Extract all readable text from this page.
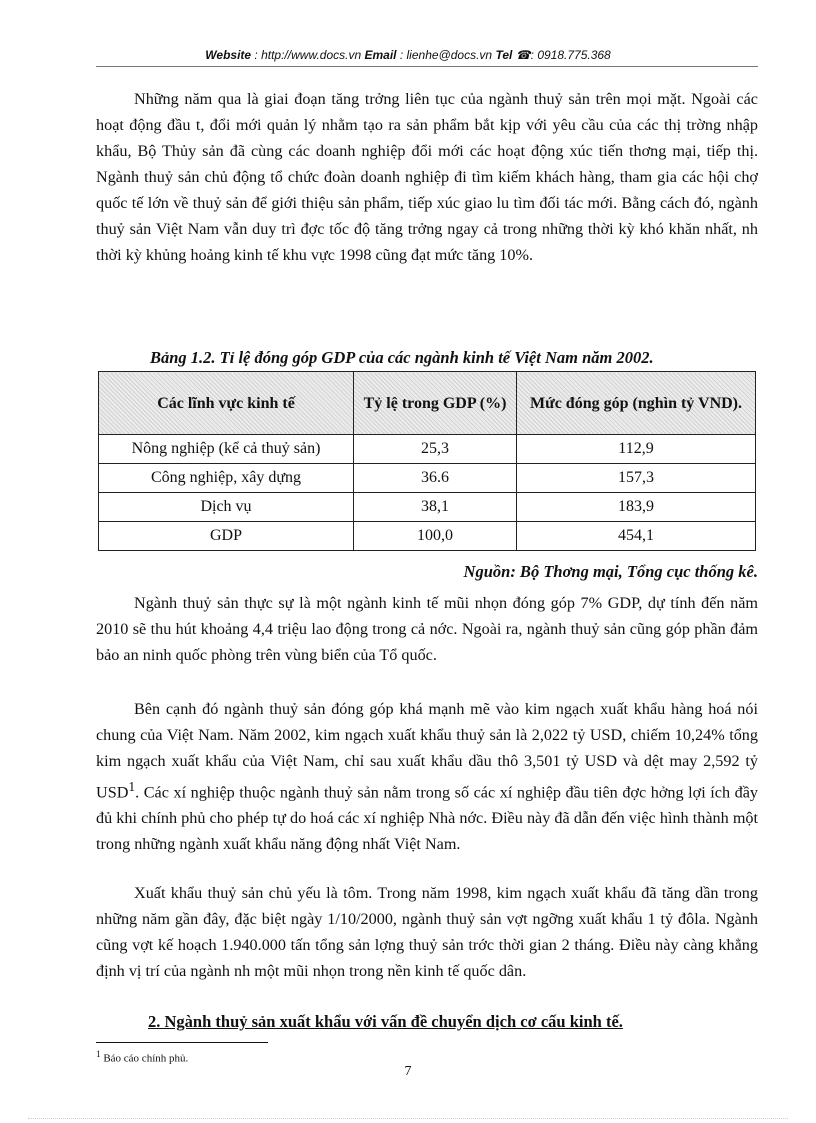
Website : http://www.docs.vn Email : lienhe@docs.vn Tel ☎: 0918.775.368

Những năm qua là giai đoạn tăng trởng liên tục của ngành thuỷ sản trên mọi mặt. Ngoài các hoạt động đầu t, đổi mới quản lý nhằm tạo ra sản phẩm bắt kịp với yêu cầu của các thị trờng nhập khẩu, Bộ Thủy sản đã cùng các doanh nghiệp đổi mới các hoạt động xúc tiến thơng mại, tiếp thị. Ngành thuỷ sản chủ động tổ chức đoàn doanh nghiệp đi tìm kiếm khách hàng, tham gia các hội chợ quốc tế lớn về thuỷ sản để giới thiệu sản phẩm, tiếp xúc giao lu tìm đối tác mới. Bằng cách đó, ngành thuỷ sản Việt Nam vẫn duy trì đợc tốc độ tăng trởng ngay cả trong những thời kỳ khó khăn nhất, nh thời kỳ khủng hoảng kinh tế khu vực 1998 cũng đạt mức tăng 10%.

Bảng 1.2. Tỉ lệ đóng góp GDP của các ngành kinh tế Việt Nam năm 2002.

Các lĩnh vực kinh tế	Tỷ lệ trong GDP (%)	Mức đóng góp (nghìn tỷ VND).
Nông nghiệp (kể cả thuỷ sản)	25,3	112,9
Công nghiệp, xây dựng	36.6	157,3
Dịch vụ	38,1	183,9
GDP	100,0	454,1
Nguồn: Bộ Thơng mại, Tổng cục thống kê.

Ngành thuỷ sản thực sự là một ngành kinh tế mũi nhọn đóng góp 7% GDP, dự tính đến năm 2010 sẽ thu hút khoảng 4,4 triệu lao động trong cả nớc. Ngoài ra, ngành thuỷ sản cũng góp phần đảm bảo an ninh quốc phòng trên vùng biển của Tổ quốc.

Bên cạnh đó ngành thuỷ sản đóng góp khá mạnh mẽ vào kim ngạch xuất khẩu hàng hoá nói chung của Việt Nam. Năm 2002, kim ngạch xuất khẩu thuỷ sản là 2,022 tỷ USD, chiếm 10,24% tổng kim ngạch xuất khẩu của Việt Nam, chỉ sau xuất khẩu dầu thô 3,501 tỷ USD và dệt may 2,592 tỷ USD$^1$. Các xí nghiệp thuộc ngành thuỷ sản nằm trong số các xí nghiệp đầu tiên đợc hởng lợi ích đầy đủ khi chính phủ cho phép tự do hoá các xí nghiệp Nhà nớc. Điều này đã dẫn đến việc hình thành một trong những ngành xuất khẩu năng động nhất Việt Nam.

Xuất khẩu thuỷ sản chủ yếu là tôm. Trong năm 1998, kim ngạch xuất khẩu đã tăng dần trong những năm gần đây, đặc biệt ngày 1/10/2000, ngành thuỷ sản vợt ngỡng xuất khẩu 1 tỷ đôla. Ngành cũng vợt kế hoạch 1.940.000 tấn tổng sản lợng thuỷ sản trớc thời gian 2 tháng. Điều này càng khẳng định vị trí của ngành nh một mũi nhọn trong nền kinh tế quốc dân.

2. Ngành thuỷ sản xuất khẩu với vấn đề chuyển dịch cơ cấu kinh tế.
$^1$ Báo cáo chính phủ.
7
